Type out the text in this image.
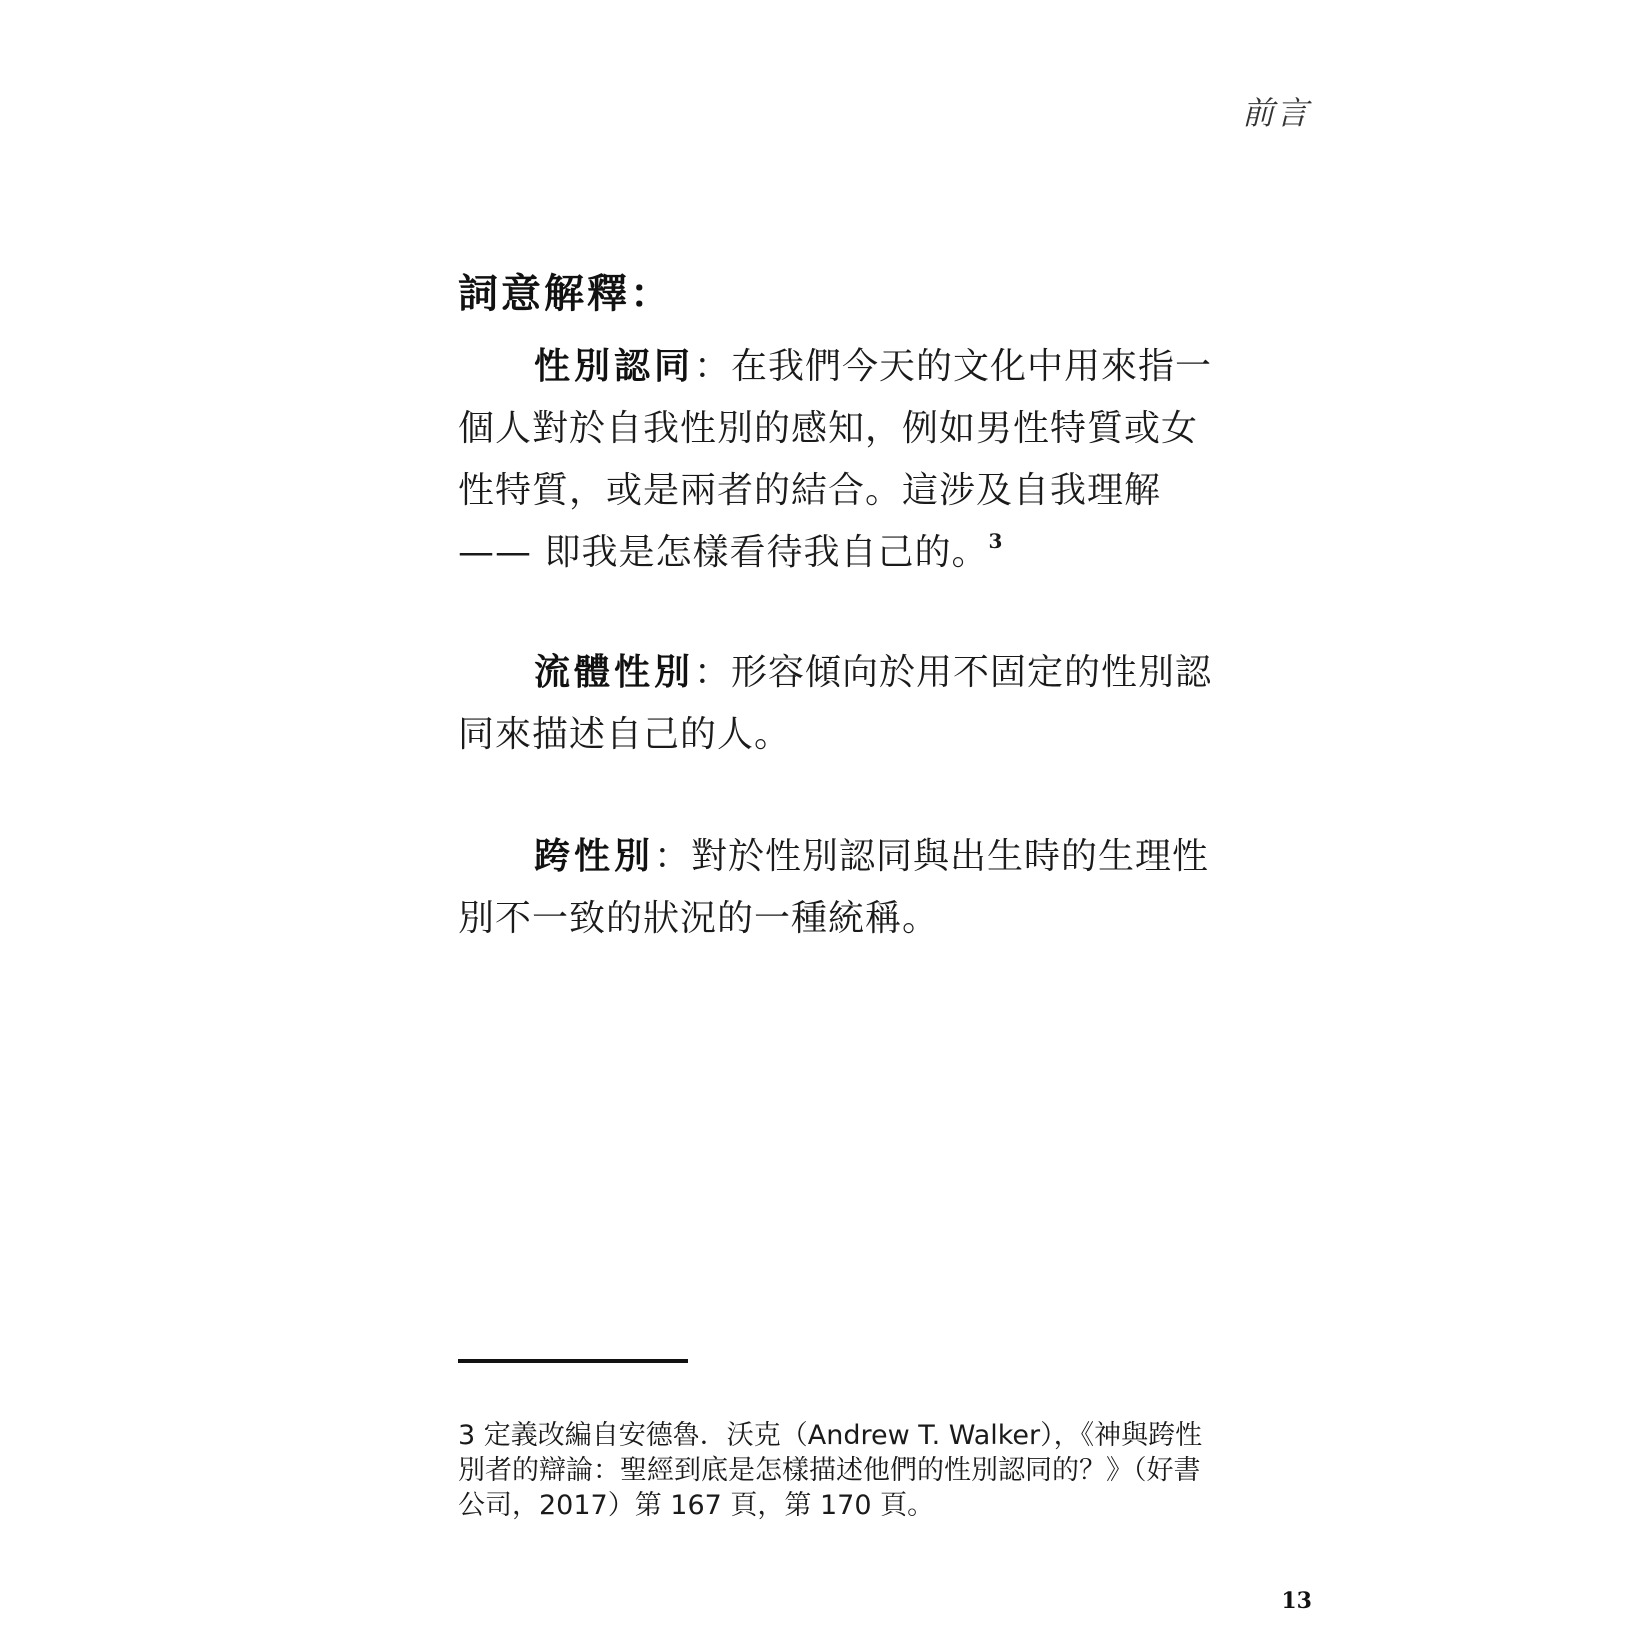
前言
詞意解釋：
性別認同：在我們今天的文化中用來指一個人對於自我性別的感知，例如男性特質或女性特質，或是兩者的結合。這涉及自我理解 —— 即我是怎樣看待我自己的。$^3$
流體性別：形容傾向於用不固定的性別認同來描述自己的人。
跨性別：對於性別認同與出生時的生理性別不一致的狀況的一種統稱。
3 定義改編自安德魯．沃克（Andrew T. Walker），《神與跨性別者的辯論：聖經到底是怎樣描述他們的性別認同的？》（好書公司，2017）第 167 頁，第 170 頁。
13
